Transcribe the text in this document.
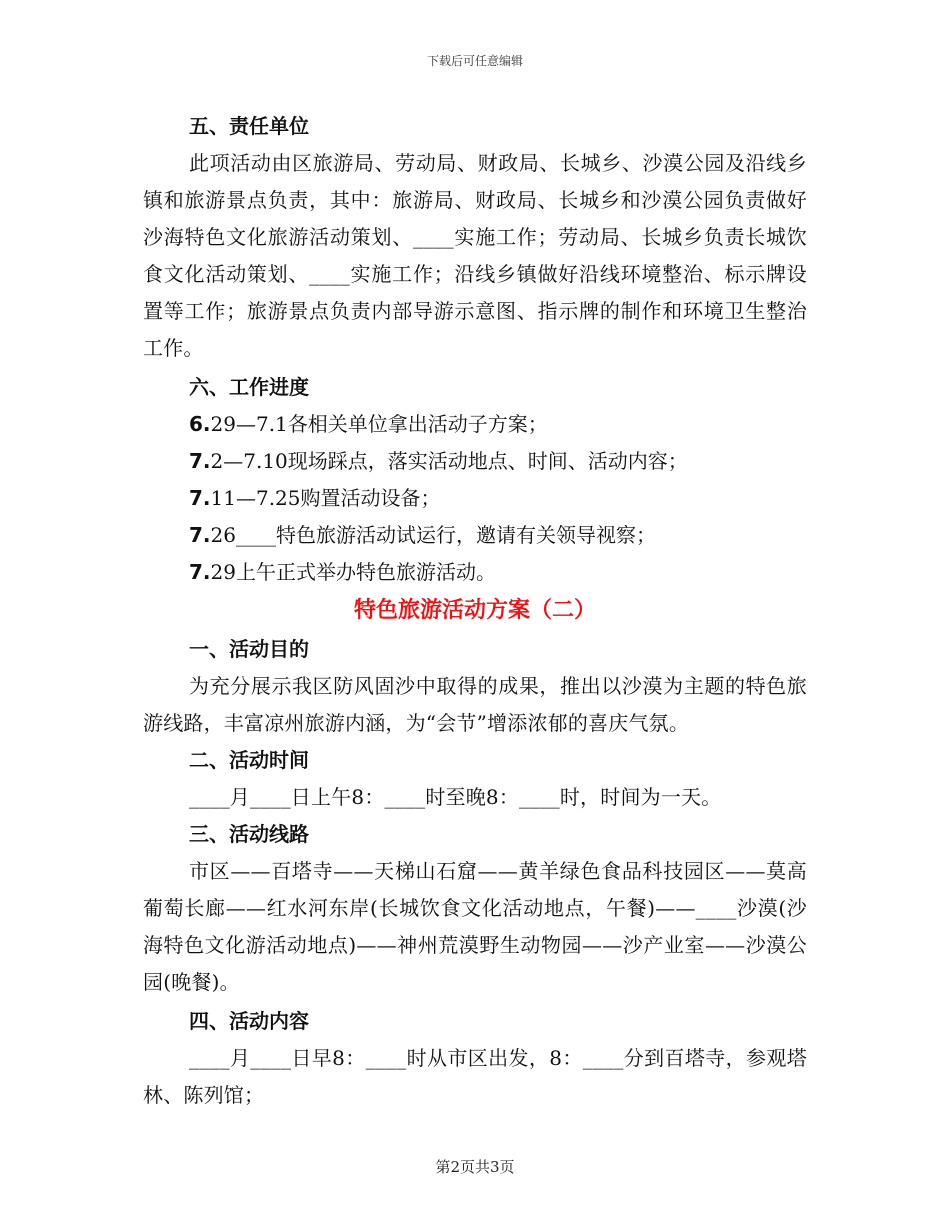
下载后可任意编辑

五、责任单位

此项活动由区旅游局、劳动局、财政局、长城乡、沙漠公园及沿线乡镇和旅游景点负责，其中：旅游局、财政局、长城乡和沙漠公园负责做好沙海特色文化旅游活动策划、____实施工作；劳动局、长城乡负责长城饮食文化活动策划、____实施工作；沿线乡镇做好沿线环境整治、标示牌设置等工作；旅游景点负责内部导游示意图、指示牌的制作和环境卫生整治工作。

六、工作进度

6.29—7.1各相关单位拿出活动子方案；

7.2—7.10现场踩点，落实活动地点、时间、活动内容；

7.11—7.25购置活动设备；

7.26____特色旅游活动试运行，邀请有关领导视察；

7.29上午正式举办特色旅游活动。

特色旅游活动方案（二）

一、活动目的

为充分展示我区防风固沙中取得的成果，推出以沙漠为主题的特色旅游线路，丰富凉州旅游内涵，为“会节”增添浓郁的喜庆气氛。

二、活动时间

____月____日上午8：____时至晚8：____时，时间为一天。

三、活动线路

市区——百塔寺——天梯山石窟——黄羊绿色食品科技园区——莫高葡萄长廊——红水河东岸(长城饮食文化活动地点，午餐)——____沙漠(沙海特色文化游活动地点)——神州荒漠野生动物园——沙产业室——沙漠公园(晚餐)。

四、活动内容

____月____日早8：____时从市区出发，8：____分到百塔寺，参观塔林、陈列馆；

第2页共3页
